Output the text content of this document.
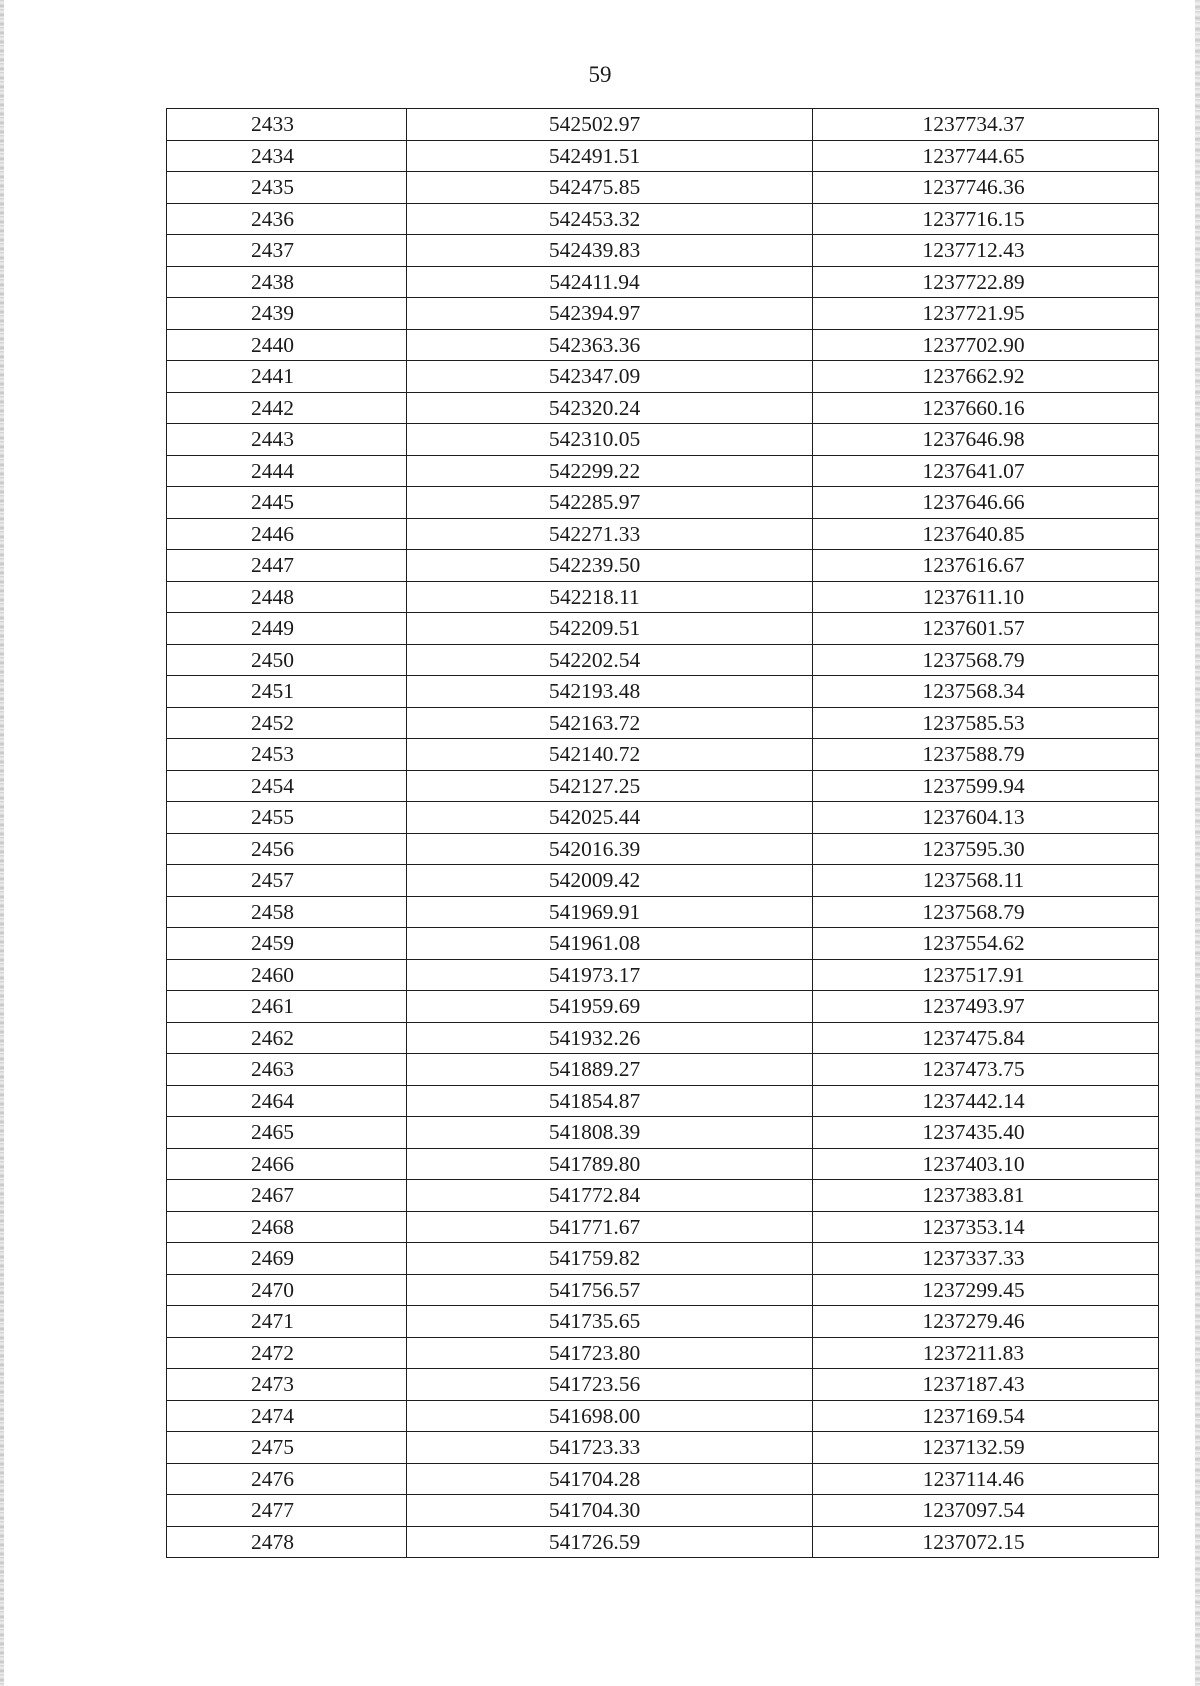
59
2433	542502.97	1237734.37
2434	542491.51	1237744.65
2435	542475.85	1237746.36
2436	542453.32	1237716.15
2437	542439.83	1237712.43
2438	542411.94	1237722.89
2439	542394.97	1237721.95
2440	542363.36	1237702.90
2441	542347.09	1237662.92
2442	542320.24	1237660.16
2443	542310.05	1237646.98
2444	542299.22	1237641.07
2445	542285.97	1237646.66
2446	542271.33	1237640.85
2447	542239.50	1237616.67
2448	542218.11	1237611.10
2449	542209.51	1237601.57
2450	542202.54	1237568.79
2451	542193.48	1237568.34
2452	542163.72	1237585.53
2453	542140.72	1237588.79
2454	542127.25	1237599.94
2455	542025.44	1237604.13
2456	542016.39	1237595.30
2457	542009.42	1237568.11
2458	541969.91	1237568.79
2459	541961.08	1237554.62
2460	541973.17	1237517.91
2461	541959.69	1237493.97
2462	541932.26	1237475.84
2463	541889.27	1237473.75
2464	541854.87	1237442.14
2465	541808.39	1237435.40
2466	541789.80	1237403.10
2467	541772.84	1237383.81
2468	541771.67	1237353.14
2469	541759.82	1237337.33
2470	541756.57	1237299.45
2471	541735.65	1237279.46
2472	541723.80	1237211.83
2473	541723.56	1237187.43
2474	541698.00	1237169.54
2475	541723.33	1237132.59
2476	541704.28	1237114.46
2477	541704.30	1237097.54
2478	541726.59	1237072.15
